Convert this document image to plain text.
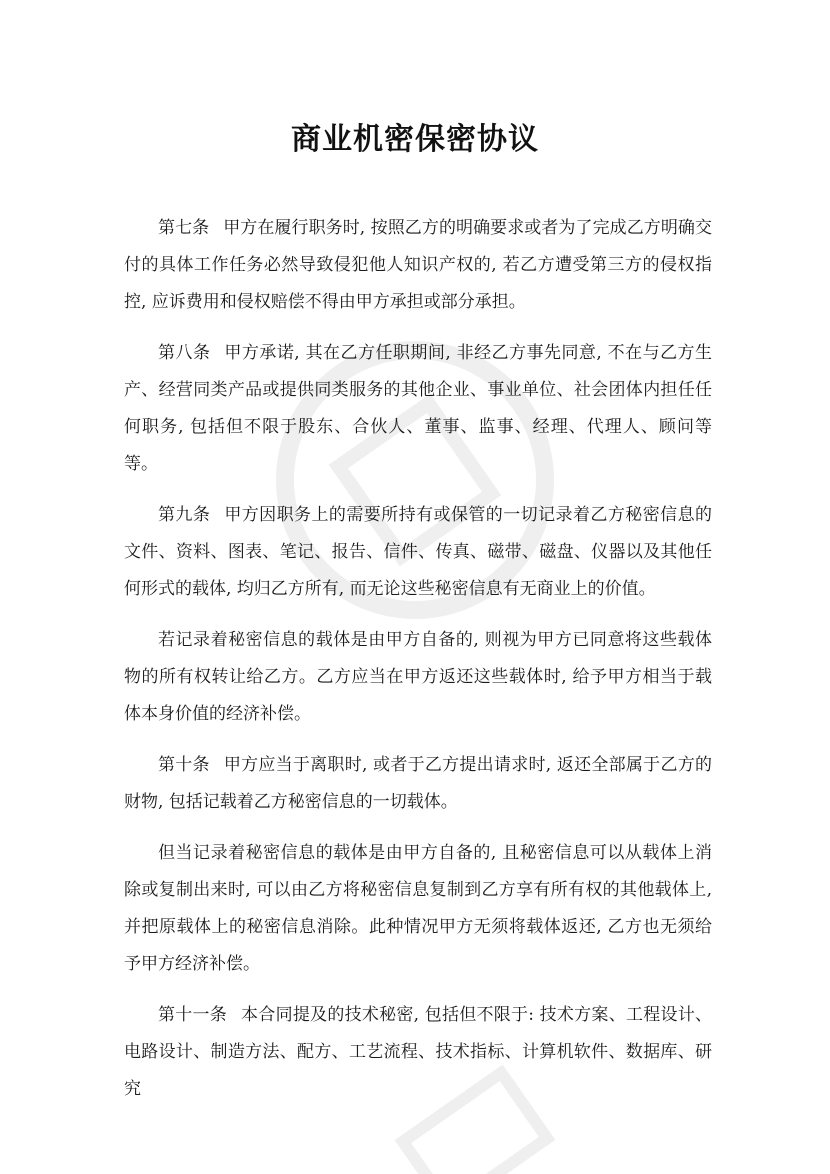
商业机密保密协议

第七条 甲方在履行职务时, 按照乙方的明确要求或者为了完成乙方明确交付的具体工作任务必然导致侵犯他人知识产权的, 若乙方遭受第三方的侵权指控, 应诉费用和侵权赔偿不得由甲方承担或部分承担。

第八条 甲方承诺, 其在乙方任职期间, 非经乙方事先同意, 不在与乙方生产、经营同类产品或提供同类服务的其他企业、事业单位、社会团体内担任任何职务, 包括但不限于股东、合伙人、董事、监事、经理、代理人、顾问等等。

第九条 甲方因职务上的需要所持有或保管的一切记录着乙方秘密信息的文件、资料、图表、笔记、报告、信件、传真、磁带、磁盘、仪器以及其他任何形式的载体, 均归乙方所有, 而无论这些秘密信息有无商业上的价值。

若记录着秘密信息的载体是由甲方自备的, 则视为甲方已同意将这些载体物的所有权转让给乙方。乙方应当在甲方返还这些载体时, 给予甲方相当于载体本身价值的经济补偿。

第十条 甲方应当于离职时, 或者于乙方提出请求时, 返还全部属于乙方的财物, 包括记载着乙方秘密信息的一切载体。

但当记录着秘密信息的载体是由甲方自备的, 且秘密信息可以从载体上消除或复制出来时, 可以由乙方将秘密信息复制到乙方享有所有权的其他载体上, 并把原载体上的秘密信息消除。此种情况甲方无须将载体返还, 乙方也无须给予甲方经济补偿。

第十一条 本合同提及的技术秘密, 包括但不限于: 技术方案、工程设计、电路设计、制造方法、配方、工艺流程、技术指标、计算机软件、数据库、研究
